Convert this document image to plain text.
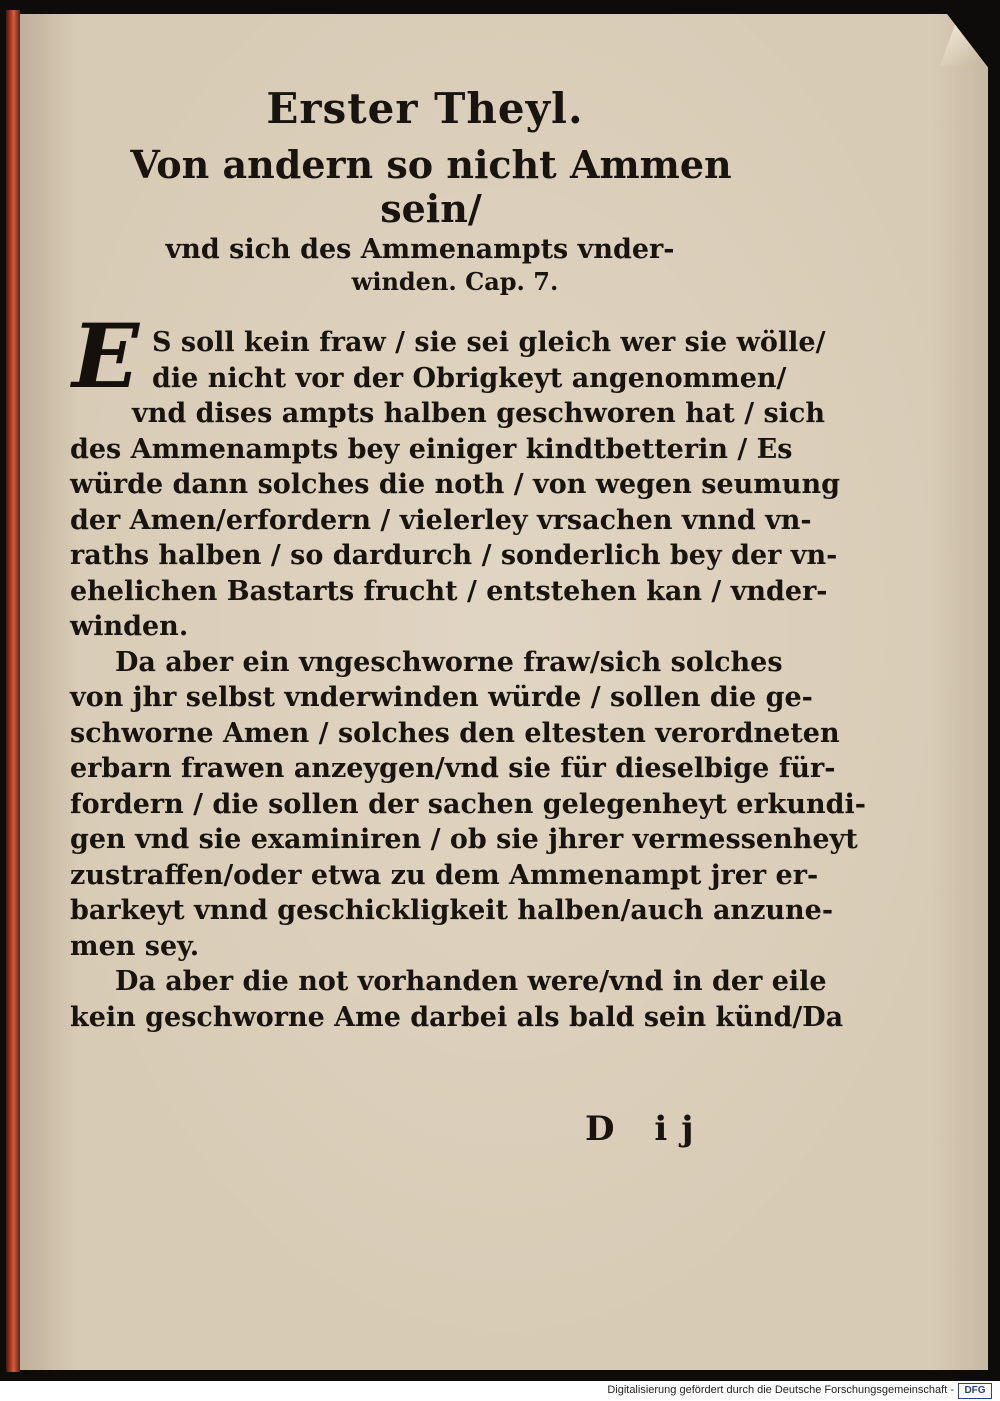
Erster Theyl.
Von andern so nicht Ammen sein/
vnd sich des Ammenampts vnder-
winden. Cap. 7.
E S soll kein fraw / sie sei gleich wer sie wölle/
die nicht vor der Obrigkeyt angenommen/
vnd dises ampts halben geschworen hat / sich
des Ammenampts bey einiger kindtbetterin / Es
würde dann solches die noth / von wegen seumung
der Amen/erfordern / vielerley vrsachen vnnd vn-
raths halben / so dardurch / sonderlich bey der vn-
ehelichen Bastarts frucht / entstehen kan / vnder-
winden.
Da aber ein vngeschworne fraw/sich solches
von jhr selbst vnderwinden würde / sollen die ge-
schworne Amen / solches den eltesten verordneten
erbarn frawen anzeygen/vnd sie für dieselbige für-
fordern / die sollen der sachen gelegenheyt erkundi-
gen vnd sie examiniren / ob sie jhrer vermessenheyt
zustraffen/oder etwa zu dem Ammenampt jrer er-
barkeyt vnnd geschickligkeit halben/auch anzune-
men sey.
Da aber die not vorhanden were/vnd in der eile
kein geschworne Ame darbei als bald sein künd/Da
D ij
Digitalisierung gefördert durch die Deutsche Forschungsgemeinschaft -	DFG
